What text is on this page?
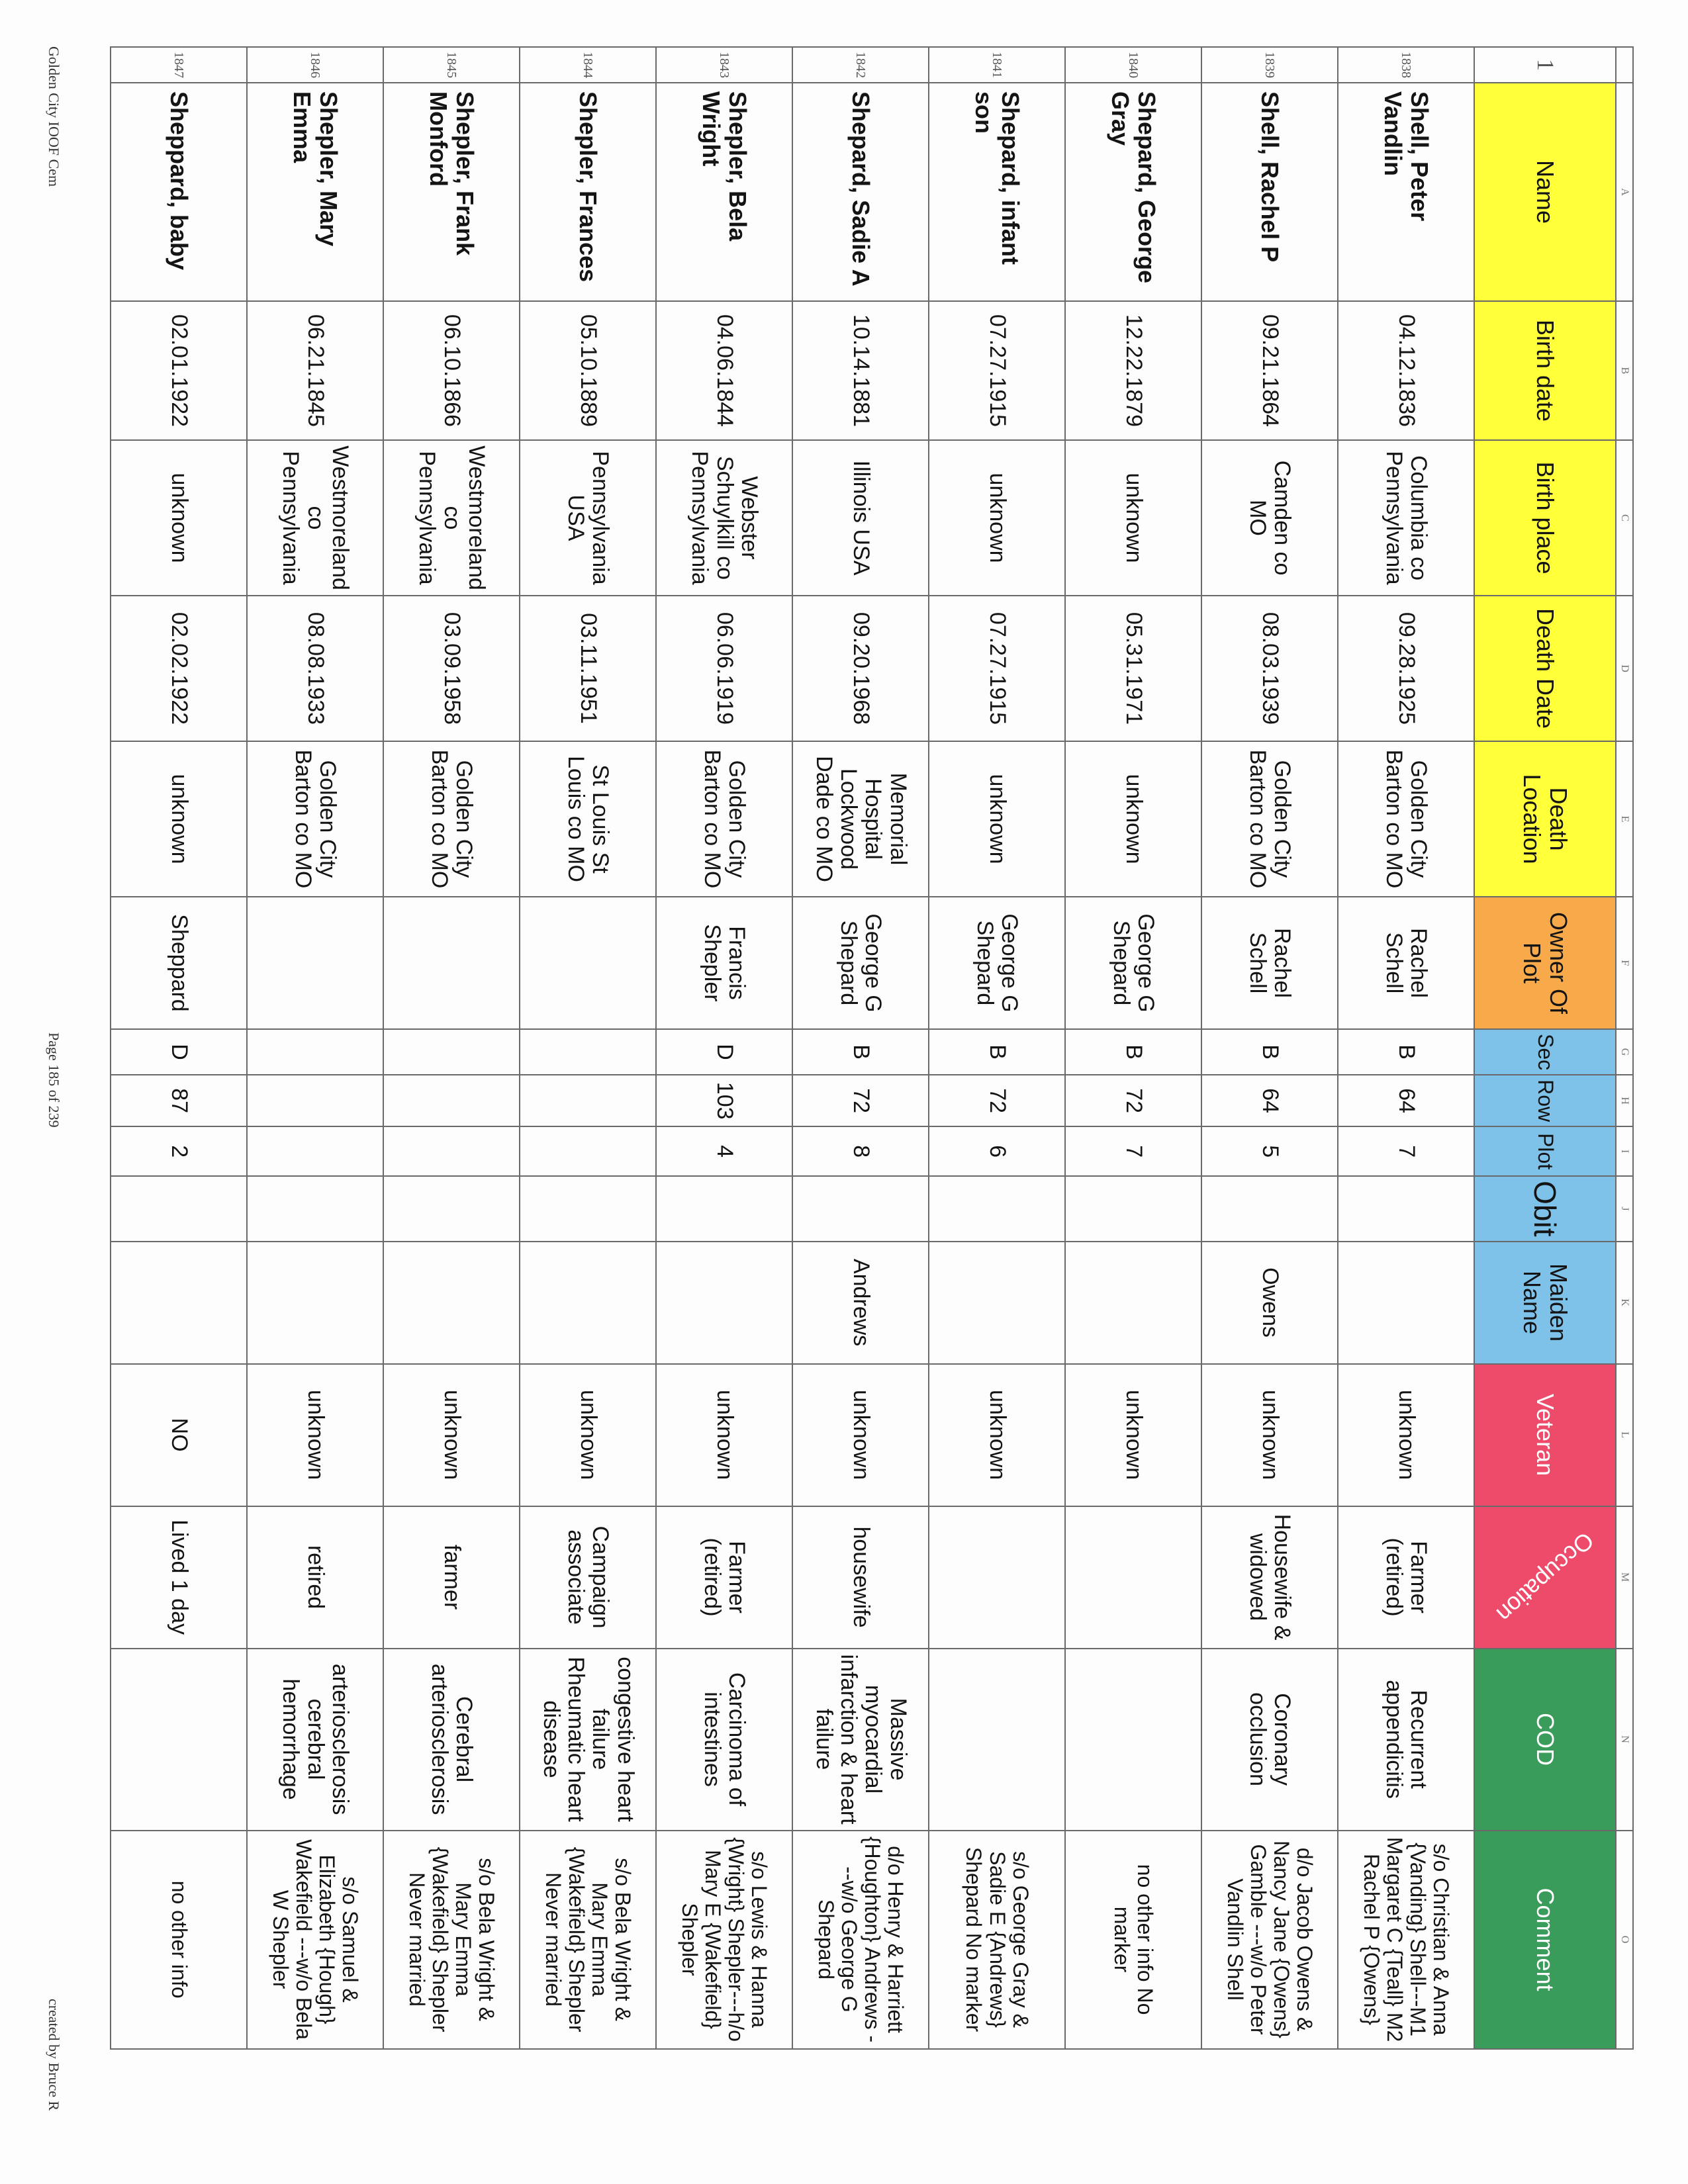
	A	B	C	D	E	F	G	H	I	J	K	L	M	N	O
1	Name	Birth date	Birth place	Death Date	Death Location	Owner Of Plot	Sec	Row	Plot	Obit	Maiden Name	Veteran	Occupation	COD	Comment
1838	Shell, Peter Vandlin	04.12.1836	Columbia co Pennsylvania	09.28.1925	Golden City Barton co MO	Rachel Schell	B	64	7			unknown	Farmer (retired)	Recurrent appendicitis	s/o Christian & Anna {Vanding} Shell---M1 Margaret C {Teall} M2 Rachel P {Owens}
1839	Shell, Rachel P	09.21.1864	Camden co MO	08.03.1939	Golden City Barton co MO	Rachel Schell	B	64	5		Owens	unknown	Housewife & widowed	Coronary occlusion	d/o Jacob Owens & Nancy Jane {Owens} Gamble ---w/o Peter Vandlin Shell
1840	Shepard, George Gray	12.22.1879	unknown	05.31.1971	unknown	George G Shepard	B	72	7			unknown			no other info No marker
1841	Shepard, infant son	07.27.1915	unknown	07.27.1915	unknown	George G Shepard	B	72	6			unknown			s/o George Gray & Sadie E {Andrews} Shepard No marker
1842	Shepard, Sadie A	10.14.1881	Illinois USA	09.20.1968	Memorial Hospital Lockwood Dade co MO	George G Shepard	B	72	8		Andrews	unknown	housewife	Massive myocardial infarction & heart failure	d/o Henry & Harriett {Houghton} Andrews ---w/o George G Shepard
1843	Shepler, Bela Wright	04.06.1844	Webster Schuylkill co Pennsylvania	06.06.1919	Golden City Barton co MO	Francis Shepler	D	103	4			unknown	Farmer (retired)	Carcinoma of intestines	s/o Lewis & Hanna {Wright} Shepler---h/o Mary E {Wakefield} Shepler
1844	Shepler, Frances	05.10.1889	Pennsylvania USA	03.11.1951	St Louis St Louis co MO							unknown	Campaign associate	congestive heart failure Rheumatic heart disease	s/o Bela Wright & Mary Emma {Wakefield} Shepler Never married
1845	Shepler, Frank Monford	06.10.1866	Westmoreland co Pennsylvania	03.09.1958	Golden City Barton co MO							unknown	farmer	Cerebral arteriosclerosis	s/o Bela Wright & Mary Emma {Wakefield} Shepler Never married
1846	Shepler, Mary Emma	06.21.1845	Westmoreland co Pennsylvania	08.08.1933	Golden City Barton co MO							unknown	retired	arteriosclerosis cerebral hemorrhage	s/o Samuel & Elizabeth {Hough} Wakefield ---w/o Bela W Shepler
1847	Sheppard, baby	02.01.1922	unknown	02.02.1922	unknown	Sheppard	D	87	2			NO	Lived 1 day		no other info
Golden City IOOF Cem
Page 185 of 239
created by Bruce R
